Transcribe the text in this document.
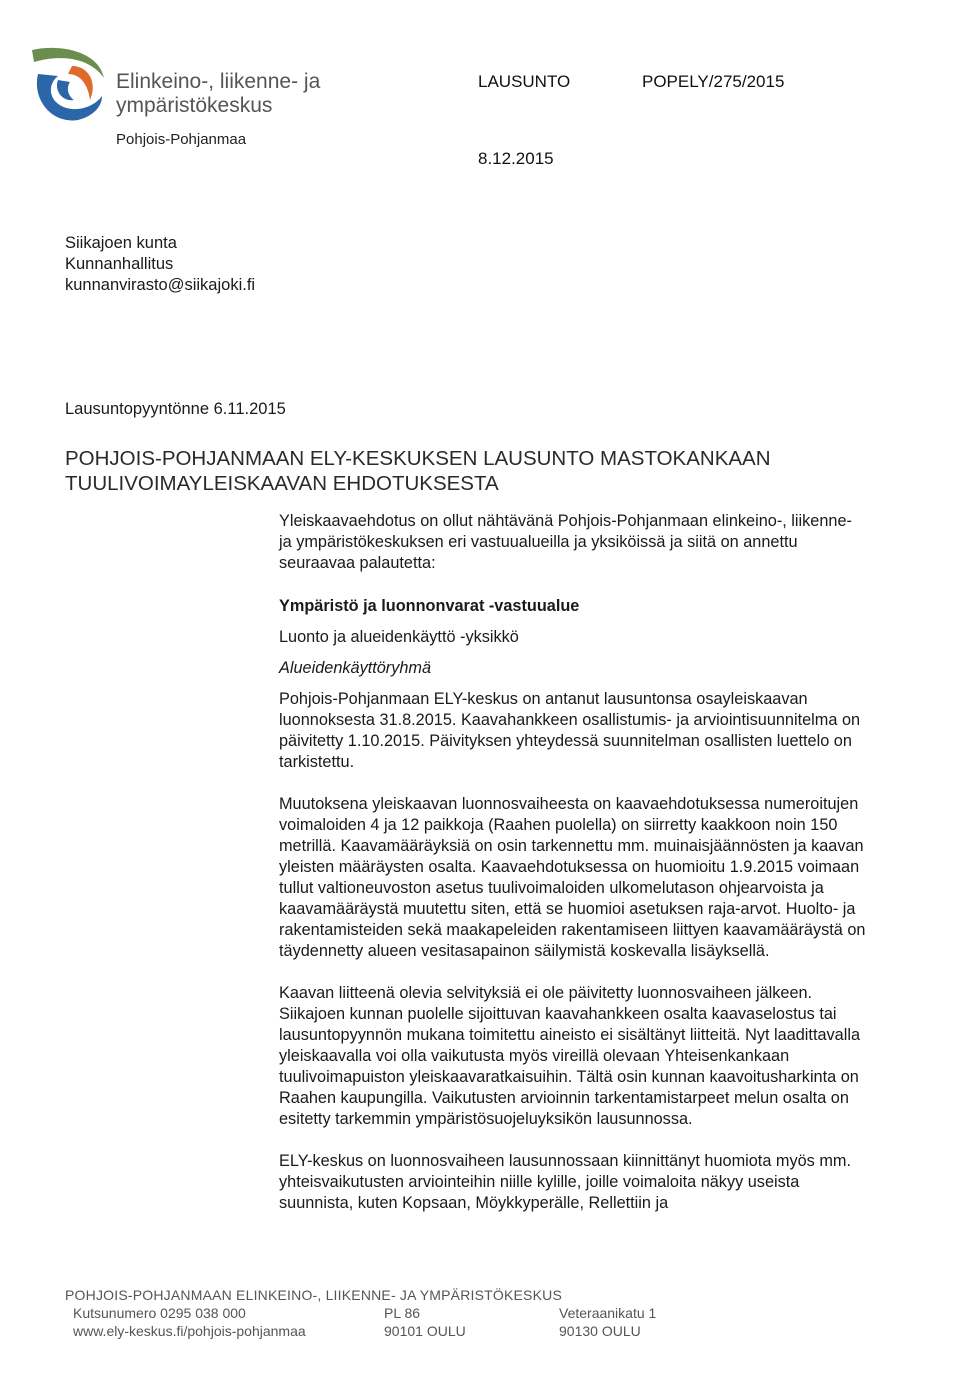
Elinkeino-, liikenne- ja
ympäristökeskus
Pohjois-Pohjanmaa
LAUSUNTO	POPELY/275/2015
8.12.2015
Siikajoen kunta
Kunnanhallitus
kunnanvirasto@siikajoki.fi
Lausuntopyyntönne 6.11.2015
POHJOIS-POHJANMAAN ELY-KESKUKSEN LAUSUNTO MASTOKANKAAN
TUULIVOIMAYLEISKAAVAN EHDOTUKSESTA

Yleiskaavaehdotus on ollut nähtävänä Pohjois-Pohjanmaan elinkeino-, liikenne- ja ympäristökeskuksen eri vastuualueilla ja yksiköissä ja siitä on annettu seuraavaa palautetta:

Ympäristö ja luonnonvarat -vastuualue

Luonto ja alueidenkäyttö -yksikkö

Alueidenkäyttöryhmä

Pohjois-Pohjanmaan ELY-keskus on antanut lausuntonsa osayleiskaavan luonnoksesta 31.8.2015. Kaavahankkeen osallistumis- ja arviointisuunnitelma on päivitetty 1.10.2015. Päivityksen yhteydessä suunnitelman osallisten luettelo on tarkistettu.

Muutoksena yleiskaavan luonnosvaiheesta on kaavaehdotuksessa numeroitujen voimaloiden 4 ja 12 paikkoja (Raahen puolella) on siirretty kaakkoon noin 150 metrillä. Kaavamääräyksiä on osin tarkennettu mm. muinaisjäännösten ja kaavan yleisten määräysten osalta. Kaavaehdotuksessa on huomioitu 1.9.2015 voimaan tullut valtioneuvoston asetus tuulivoimaloiden ulkomelutason ohjearvoista ja kaavamääräystä muutettu siten, että se huomioi asetuksen raja-arvot. Huolto- ja rakentamisteiden sekä maakapeleiden rakentamiseen liittyen kaavamääräystä on täydennetty alueen vesitasapainon säilymistä koskevalla lisäyksellä.

Kaavan liitteenä olevia selvityksiä ei ole päivitetty luonnosvaiheen jälkeen. Siikajoen kunnan puolelle sijoittuvan kaavahankkeen osalta kaavaselostus tai lausuntopyynnön mukana toimitettu aineisto ei sisältänyt liitteitä. Nyt laadittavalla yleiskaavalla voi olla vaikutusta myös vireillä olevaan Yhteisenkankaan tuulivoimapuiston yleiskaavaratkaisuihin. Tältä osin kunnan kaavoitusharkinta on Raahen kaupungilla. Vaikutusten arvioinnin tarkentamistarpeet melun osalta on esitetty tarkemmin ympäristösuojeluyksikön lausunnossa.

ELY-keskus on luonnosvaiheen lausunnossaan kiinnittänyt huomiota myös mm. yhteisvaikutusten arviointeihin niille kylille, joille voimaloita näkyy useista suunnista, kuten Kopsaan, Möykkyperälle, Rellettiin ja

POHJOIS-POHJANMAAN ELINKEINO-, LIIKENNE- JA YMPÄRISTÖKESKUS
Kutsunumero 0295 038 000
www.ely-keskus.fi/pohjois-pohjanmaa
PL 86
90101 OULU
Veteraanikatu 1
90130 OULU
